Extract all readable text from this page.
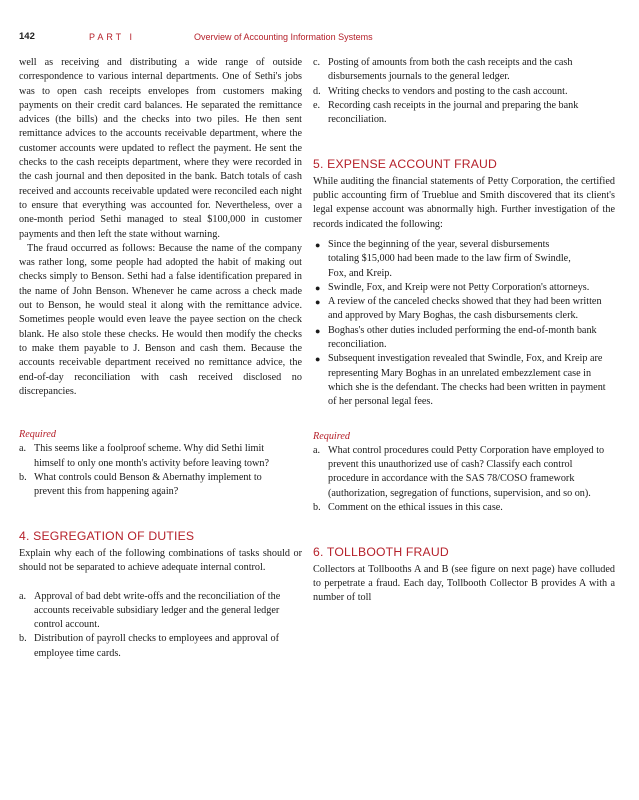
142	PART I	Overview of Accounting Information Systems

well as receiving and distributing a wide range of outside correspondence to various internal departments. One of Sethi's jobs was to open cash receipts envelopes from customers making payments on their credit card balances. He separated the remittance advices (the bills) and the checks into two piles. He then sent remittance advices to the accounts receivable department, where the customer accounts were updated to reflect the payment. He sent the checks to the cash receipts department, where they were recorded in the cash journal and then deposited in the bank. Batch totals of cash received and accounts receivable updated were reconciled each night to ensure that everything was accounted for. Nevertheless, over a one-month period Sethi managed to steal $100,000 in customer payments and then left the state without warning.

The fraud occurred as follows: Because the name of the company was rather long, some people had adopted the habit of making out checks simply to Benson. Sethi had a false identification prepared in the name of John Benson. Whenever he came across a check made out to Benson, he would steal it along with the remittance advice. Sometimes people would even leave the payee section on the check blank. He also stole these checks. He would then modify the checks to make them payable to J. Benson and cash them. Because the accounts receivable department received no remittance advice, the end-of-day reconciliation with cash received disclosed no discrepancies.

Required

a. This seems like a foolproof scheme. Why did Sethi limit himself to only one month's activity before leaving town?
b. What controls could Benson & Abernathy implement to prevent this from happening again?
4. SEGREGATION OF DUTIES

Explain why each of the following combinations of tasks should or should not be separated to achieve adequate internal control.

a. Approval of bad debt write-offs and the reconciliation of the accounts receivable subsidiary ledger and the general ledger control account.
b. Distribution of payroll checks to employees and approval of employee time cards.
c. Posting of amounts from both the cash receipts and the cash disbursements journals to the general ledger.
d. Writing checks to vendors and posting to the cash account.
e. Recording cash receipts in the journal and preparing the bank reconciliation.
5. EXPENSE ACCOUNT FRAUD

While auditing the financial statements of Petty Corporation, the certified public accounting firm of Trueblue and Smith discovered that its client's legal expense account was abnormally high. Further investigation of the records indicated the following:

● Since the beginning of the year, several disbursements totaling $15,000 had been made to the law firm of Swindle, Fox, and Kreip.
● Swindle, Fox, and Kreip were not Petty Corporation's attorneys.
● A review of the canceled checks showed that they had been written and approved by Mary Boghas, the cash disbursements clerk.
● Boghas's other duties included performing the end-of-month bank reconciliation.
● Subsequent investigation revealed that Swindle, Fox, and Kreip are representing Mary Boghas in an unrelated embezzlement case in which she is the defendant. The checks had been written in payment of her personal legal fees.

Required

a. What control procedures could Petty Corporation have employed to prevent this unauthorized use of cash? Classify each control procedure in accordance with the SAS 78/COSO framework (authorization, segregation of functions, supervision, and so on).
b. Comment on the ethical issues in this case.
6. TOLLBOOTH FRAUD

Collectors at Tollbooths A and B (see figure on next page) have colluded to perpetrate a fraud. Each day, Tollbooth Collector B provides A with a number of toll
